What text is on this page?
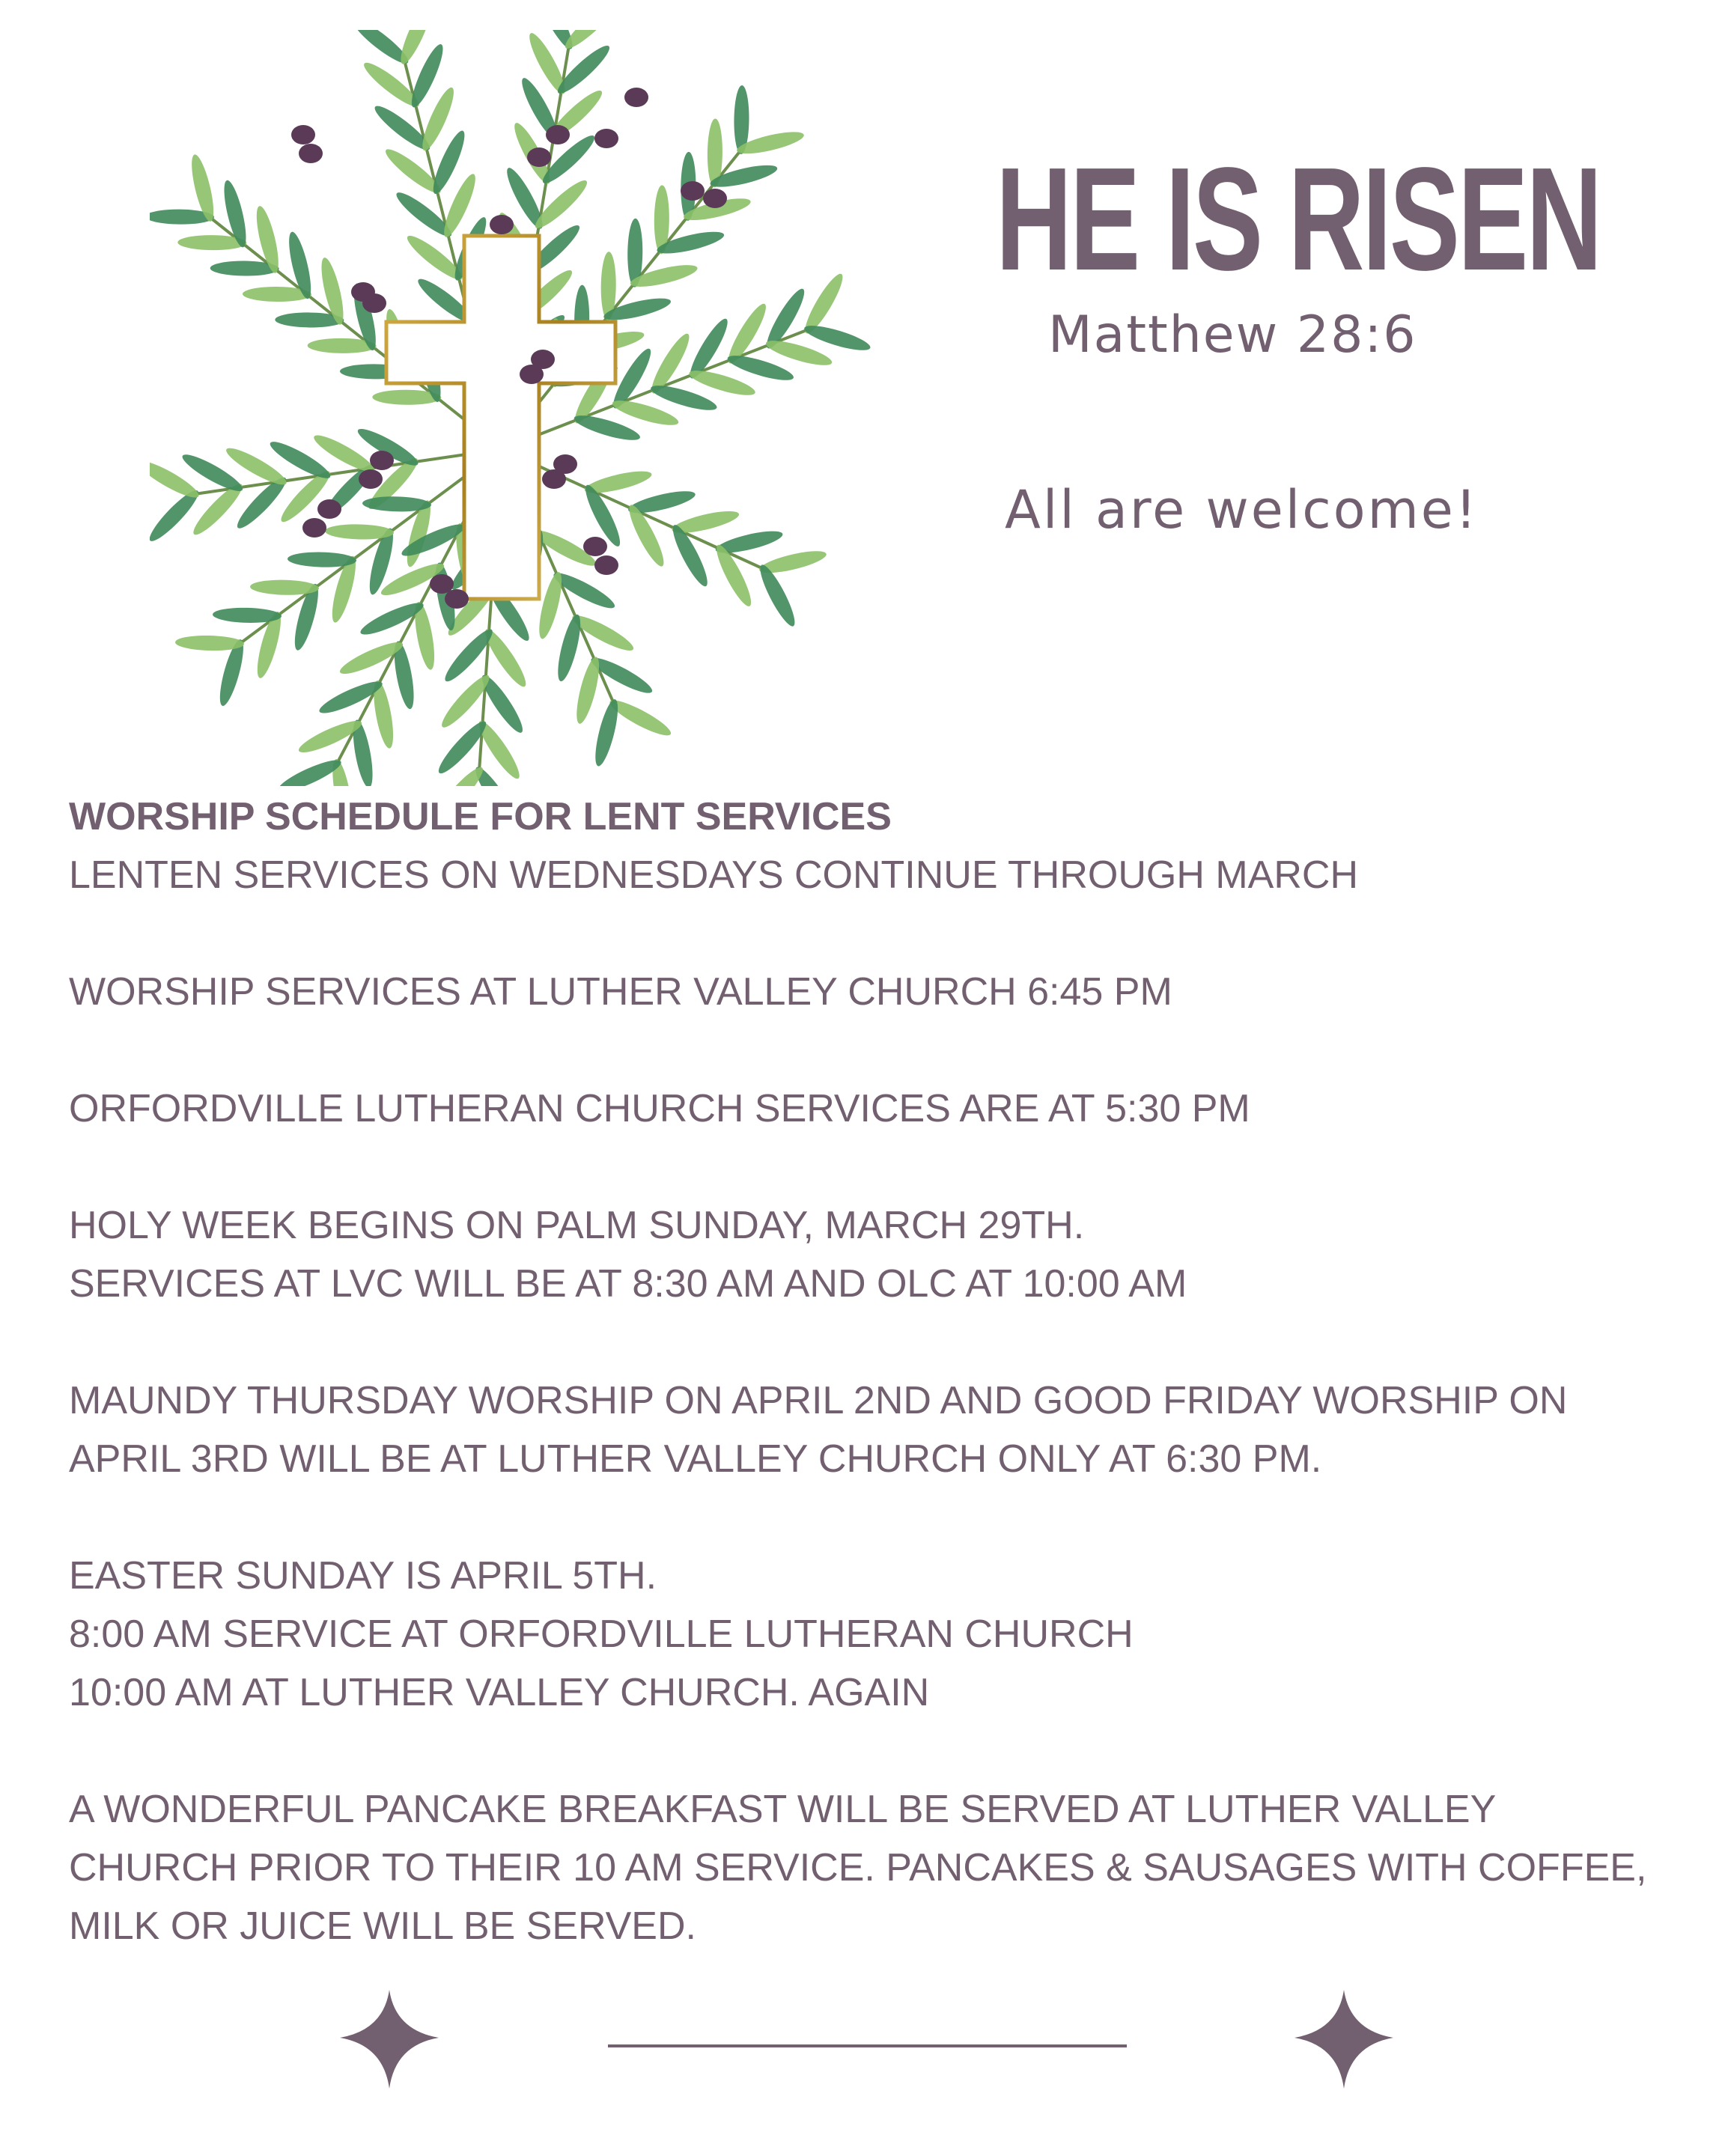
HE IS RISEN
Matthew 28:6
All are welcome!
WORSHIP SCHEDULE FOR LENT SERVICES
LENTEN SERVICES ON WEDNESDAYS CONTINUE THROUGH MARCH
WORSHIP SERVICES AT LUTHER VALLEY CHURCH 6:45 PM
ORFORDVILLE LUTHERAN CHURCH SERVICES ARE AT 5:30 PM
HOLY WEEK BEGINS ON PALM SUNDAY, MARCH 29TH.
SERVICES AT LVC WILL BE AT 8:30 AM AND OLC AT 10:00 AM
MAUNDY THURSDAY WORSHIP ON APRIL 2ND AND GOOD FRIDAY WORSHIP ON
APRIL 3RD WILL BE AT LUTHER VALLEY CHURCH ONLY AT 6:30 PM.
EASTER SUNDAY IS APRIL 5TH.
8:00 AM SERVICE AT ORFORDVILLE LUTHERAN CHURCH
10:00 AM AT LUTHER VALLEY CHURCH. AGAIN
A WONDERFUL PANCAKE BREAKFAST WILL BE SERVED AT LUTHER VALLEY
CHURCH PRIOR TO THEIR 10 AM SERVICE. PANCAKES & SAUSAGES WITH COFFEE,
MILK OR JUICE WILL BE SERVED.
